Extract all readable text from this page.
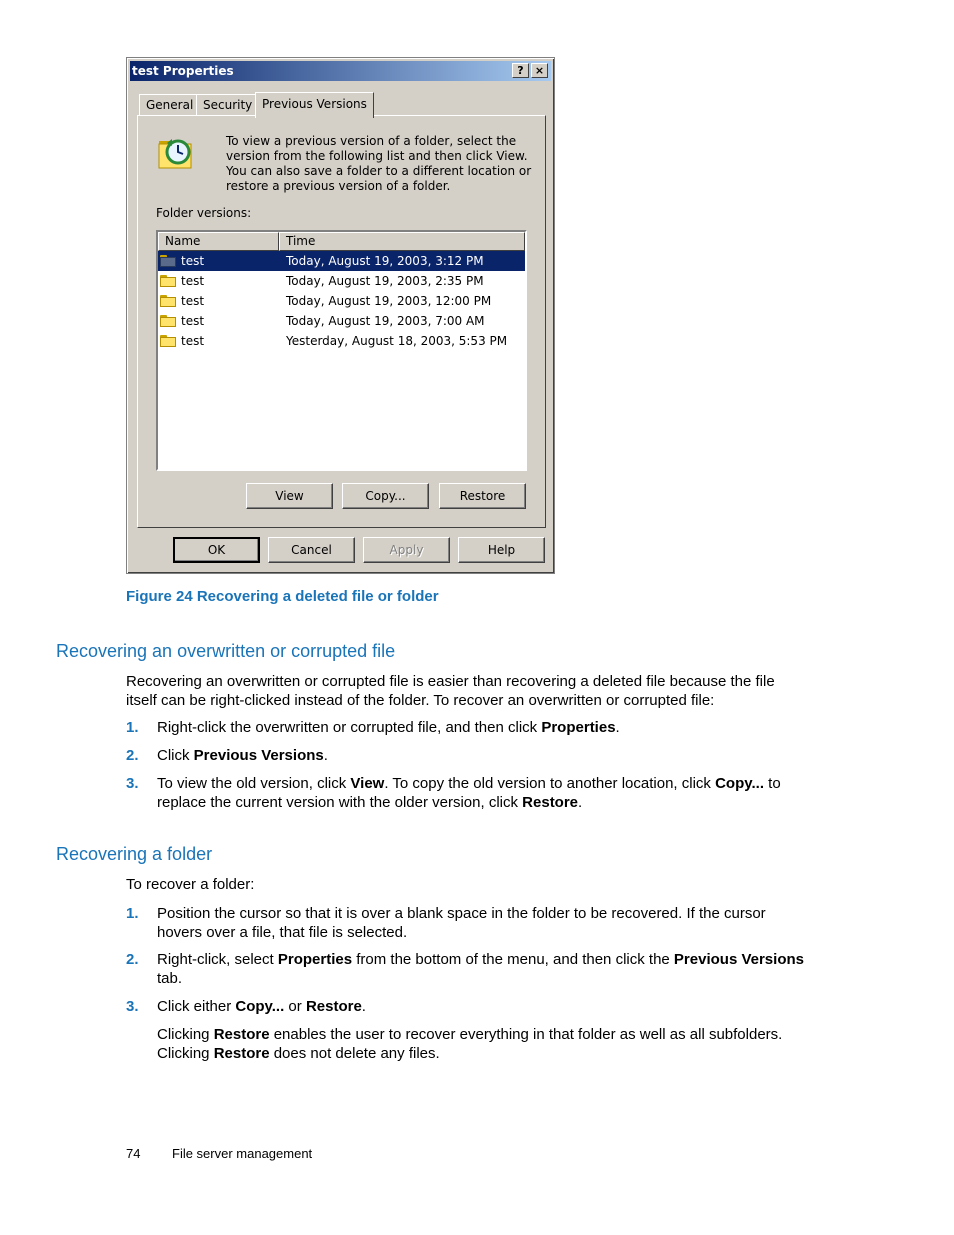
test Properties	?	×
General Security Previous Versions
To view a previous version of a folder, select the version from the following list and then click View. You can also save a folder to a different location or restore a previous version of a folder.
Folder versions:
Name	Time
test	Today, August 19, 2003, 3:12 PM
test	Today, August 19, 2003, 2:35 PM
test	Today, August 19, 2003, 12:00 PM
test	Today, August 19, 2003, 7:00 AM
test	Yesterday, August 18, 2003, 5:53 PM
View	Copy...	Restore
OK	Cancel	Apply	Help
Figure 24 Recovering a deleted file or folder
Recovering an overwritten or corrupted file
Recovering an overwritten or corrupted file is easier than recovering a deleted file because the file itself can be right-clicked instead of the folder. To recover an overwritten or corrupted file:
1. Right-click the overwritten or corrupted file, and then click Properties.
2. Click Previous Versions.
3. To view the old version, click View. To copy the old version to another location, click Copy... to replace the current version with the older version, click Restore.
Recovering a folder
To recover a folder:
1. Position the cursor so that it is over a blank space in the folder to be recovered. If the cursor hovers over a file, that file is selected.
2. Right-click, select Properties from the bottom of the menu, and then click the Previous Versions tab.
3. Click either Copy... or Restore.
Clicking Restore enables the user to recover everything in that folder as well as all subfolders. Clicking Restore does not delete any files.
74 File server management
